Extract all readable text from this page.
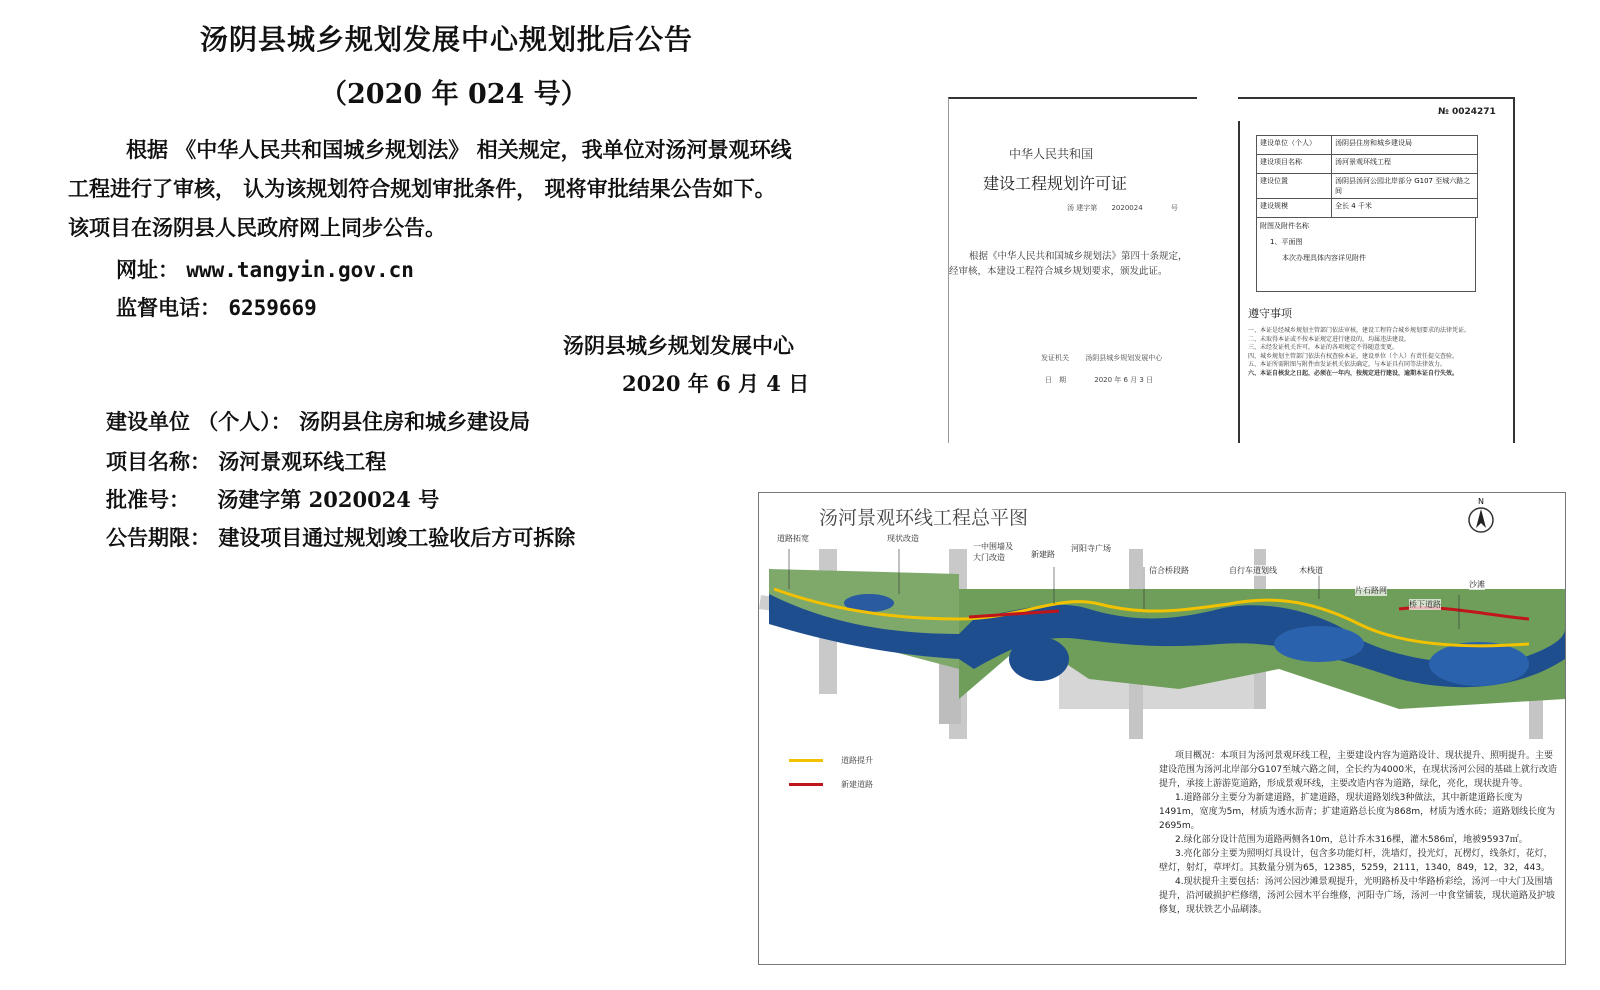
汤阴县城乡规划发展中心规划批后公告
（2020 年 024 号）
根据 《中华人民共和国城乡规划法》 相关规定，我单位对汤河景观环线工程进行了审核， 认为该规划符合规划审批条件， 现将审批结果公告如下。 该项目在汤阴县人民政府网上同步公告。
网址： www.tangyin.gov.cn
监督电话： 6259669
汤阴县城乡规划发展中心
2020 年 6 月 4 日
建设单位 （个人）： 汤阴县住房和城乡建设局
项目名称： 汤河景观环线工程
批准号： 汤建字第 2020024 号
公告期限： 建设项目通过规划竣工验收后方可拆除
中华人民共和国
建设工程规划许可证
汤 建字第 2020024	号
根据《中华人民共和国城乡规划法》第四十条规定，经审核，本建设工程符合城乡规划要求，颁发此证。
发证机关 汤阴县城乡规划发展中心
日　期	2020 年 6 月 3 日
№ 0024271
建设单位（个人）	汤阴县住房和城乡建设局
建设项目名称	汤河景观环线工程
建设位置	汤阴县汤河公园北岸部分 G107 至城六路之间
建设规模	全长 4 千米
附图及附件名称
1、平面图
本次办理具体内容详见附件
遵守事项
一、本证是经城乡规划主管部门依法审核，建设工程符合城乡规划要求的法律凭证。
二、未取得本证或不按本证规定进行建设的，均属违法建设。
三、未经发证机关许可，本证的各项规定不得随意变更。
四、城乡规划主管部门依法有权查验本证，建设单位（个人）有责任提交查验。
五、本证所需附图与附件由发证机关依法确定，与本证具有同等法律效力。
六、本证自核发之日起，必须在一年内，按规定进行建设，逾期本证自行失效。
汤河景观环线工程总平图
N
道路拓宽	现状改造
一中围墙及大门改造	新建路
河阳寺广场
信合桥段路	自行车道划线	木栈道
片石路网
桥下道路
沙滩
道路提升
新建道路

项目概况：本项目为汤河景观环线工程，主要建设内容为道路设计、现状提升、照明提升。主要建设范围为汤河北岸部分G107至城六路之间，全长约为4000米，在现状汤河公园的基础上就行改造提升，承接上游游览道路，形成景观环线，主要改造内容为道路，绿化，亮化，现状提升等。

1.道路部分主要分为新建道路，扩建道路，现状道路划线3种做法，其中新建道路长度为1491m，宽度为5m，材质为透水沥青；扩建道路总长度为868m，材质为透水砖；道路划线长度为2695m。

2.绿化部分设计范围为道路两侧各10m，总计乔木316棵，灌木586㎡，地被95937㎡。

3.亮化部分主要为照明灯具设计，包含多功能灯杆，洗墙灯，投光灯，瓦楞灯，线条灯，花灯，壁灯，射灯，草坪灯。其数量分别为65，12385，5259，2111，1340，849，12，32，443。

4.现状提升主要包括：汤河公园沙滩景观提升，光明路桥及中华路桥彩绘，汤河一中大门及围墙提升，沿河破损护栏修缮，汤河公园木平台维修，河阳寺广场，汤河一中食堂铺装，现状道路及护坡修复，现状铁艺小品刷漆。
